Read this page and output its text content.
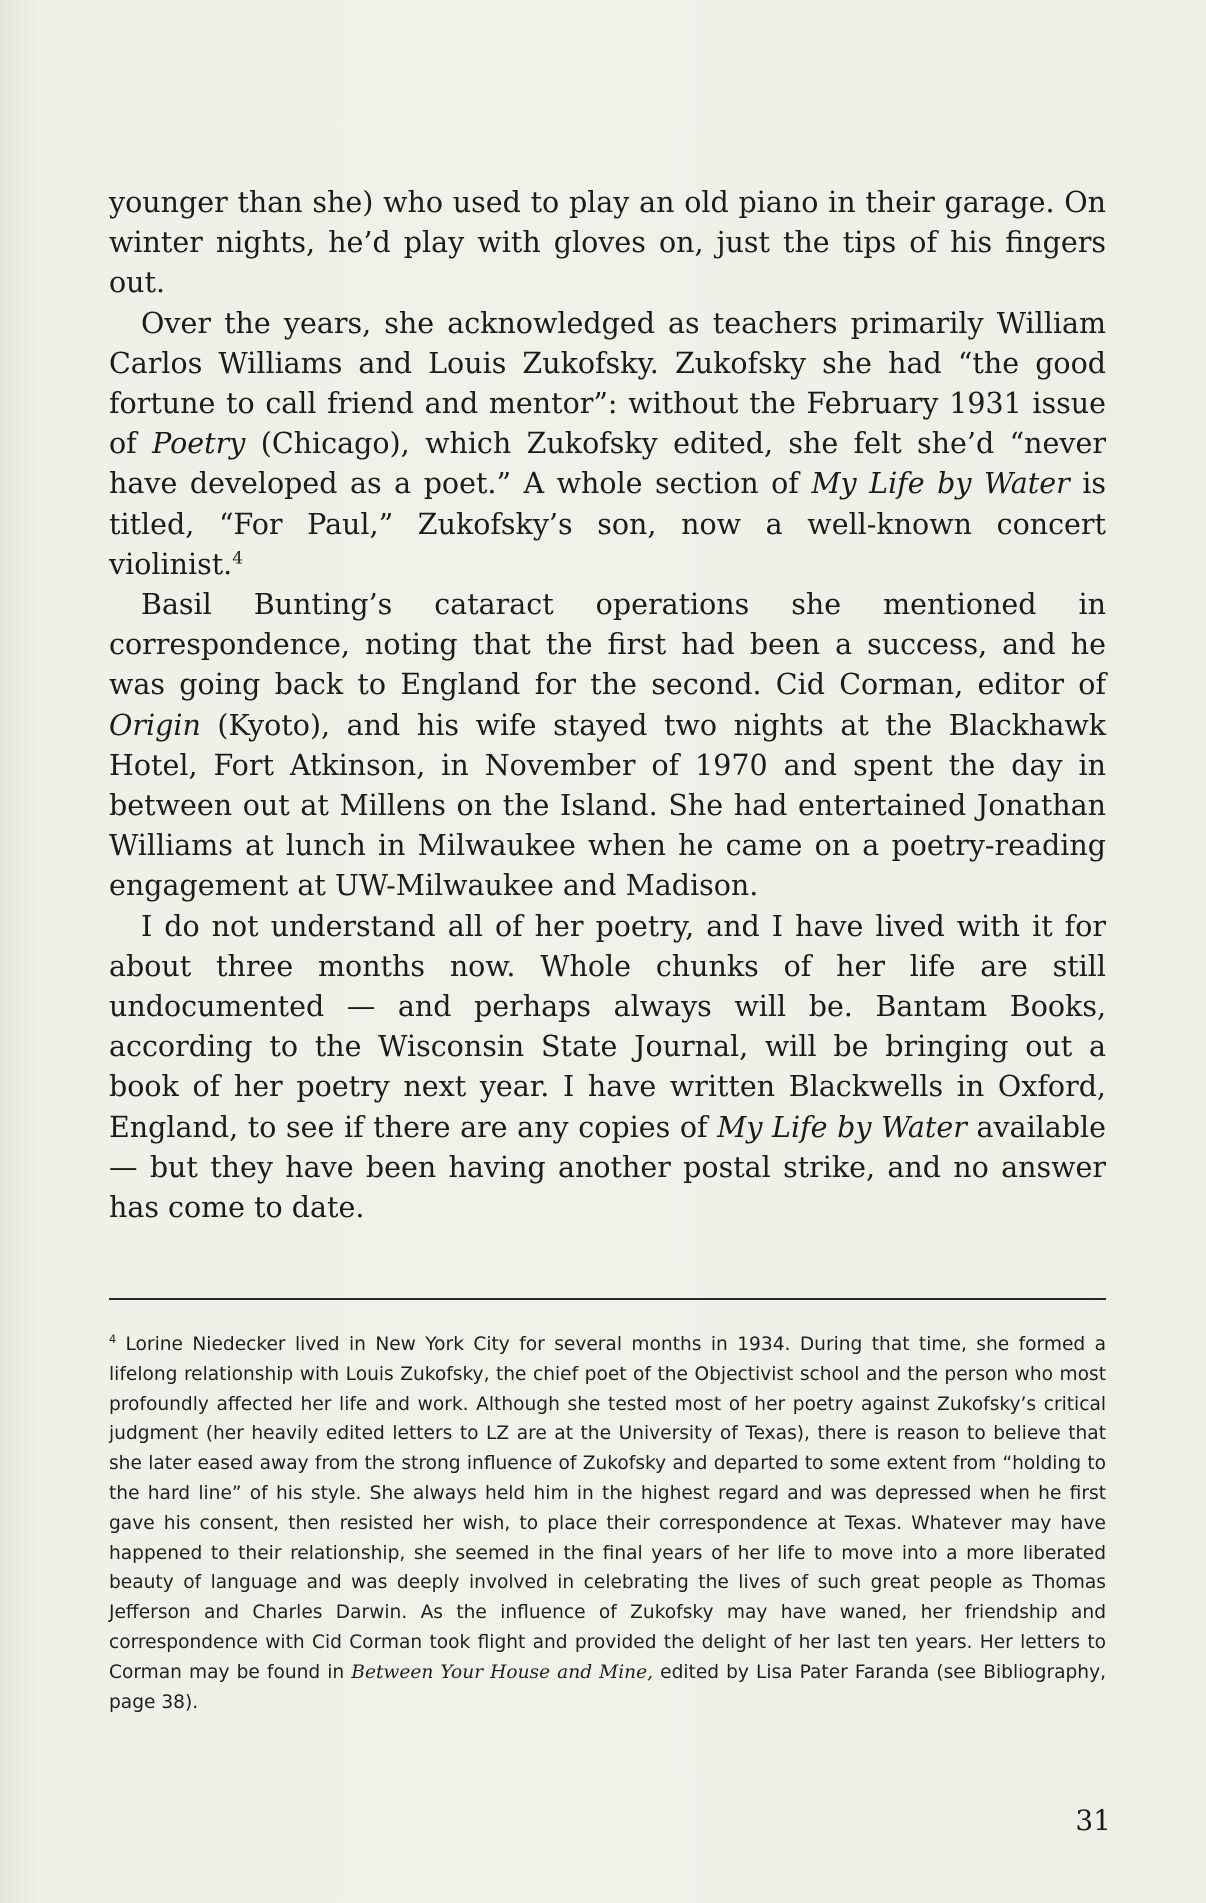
younger than she) who used to play an old piano in their garage. On winter nights, he’d play with gloves on, just the tips of his fingers out.

Over the years, she acknowledged as teachers primarily William Carlos Williams and Louis Zukofsky. Zukofsky she had “the good fortune to call friend and mentor”: without the February 1931 issue of Poetry (Chicago), which Zukofsky edited, she felt she’d “never have developed as a poet.” A whole section of My Life by Water is titled, “For Paul,” Zukofsky’s son, now a well-known concert violinist.$^4$

Basil Bunting’s cataract operations she mentioned in correspondence, noting that the first had been a success, and he was going back to England for the second. Cid Corman, editor of Origin (Kyoto), and his wife stayed two nights at the Blackhawk Hotel, Fort Atkinson, in November of 1970 and spent the day in between out at Millens on the Island. She had entertained Jonathan Williams at lunch in Milwaukee when he came on a poetry-reading engagement at UW-Milwaukee and Madison.

I do not understand all of her poetry, and I have lived with it for about three months now. Whole chunks of her life are still undocumented — and perhaps always will be. Bantam Books, according to the Wisconsin State Journal, will be bringing out a book of her poetry next year. I have written Blackwells in Oxford, England, to see if there are any copies of My Life by Water available — but they have been having another postal strike, and no answer has come to date.

$^4$ Lorine Niedecker lived in New York City for several months in 1934. During that time, she formed a lifelong relationship with Louis Zukofsky, the chief poet of the Objectivist school and the person who most profoundly affected her life and work. Although she tested most of her poetry against Zukofsky’s critical judgment (her heavily edited letters to LZ are at the University of Texas), there is reason to believe that she later eased away from the strong influence of Zukofsky and departed to some extent from “holding to the hard line” of his style. She always held him in the highest regard and was depressed when he first gave his consent, then resisted her wish, to place their correspondence at Texas. Whatever may have happened to their relationship, she seemed in the final years of her life to move into a more liberated beauty of language and was deeply involved in celebrating the lives of such great people as Thomas Jefferson and Charles Darwin. As the influence of Zukofsky may have waned, her friendship and correspondence with Cid Corman took flight and provided the delight of her last ten years. Her letters to Corman may be found in Between Your House and Mine, edited by Lisa Pater Faranda (see Bibliography, page 38).

31
